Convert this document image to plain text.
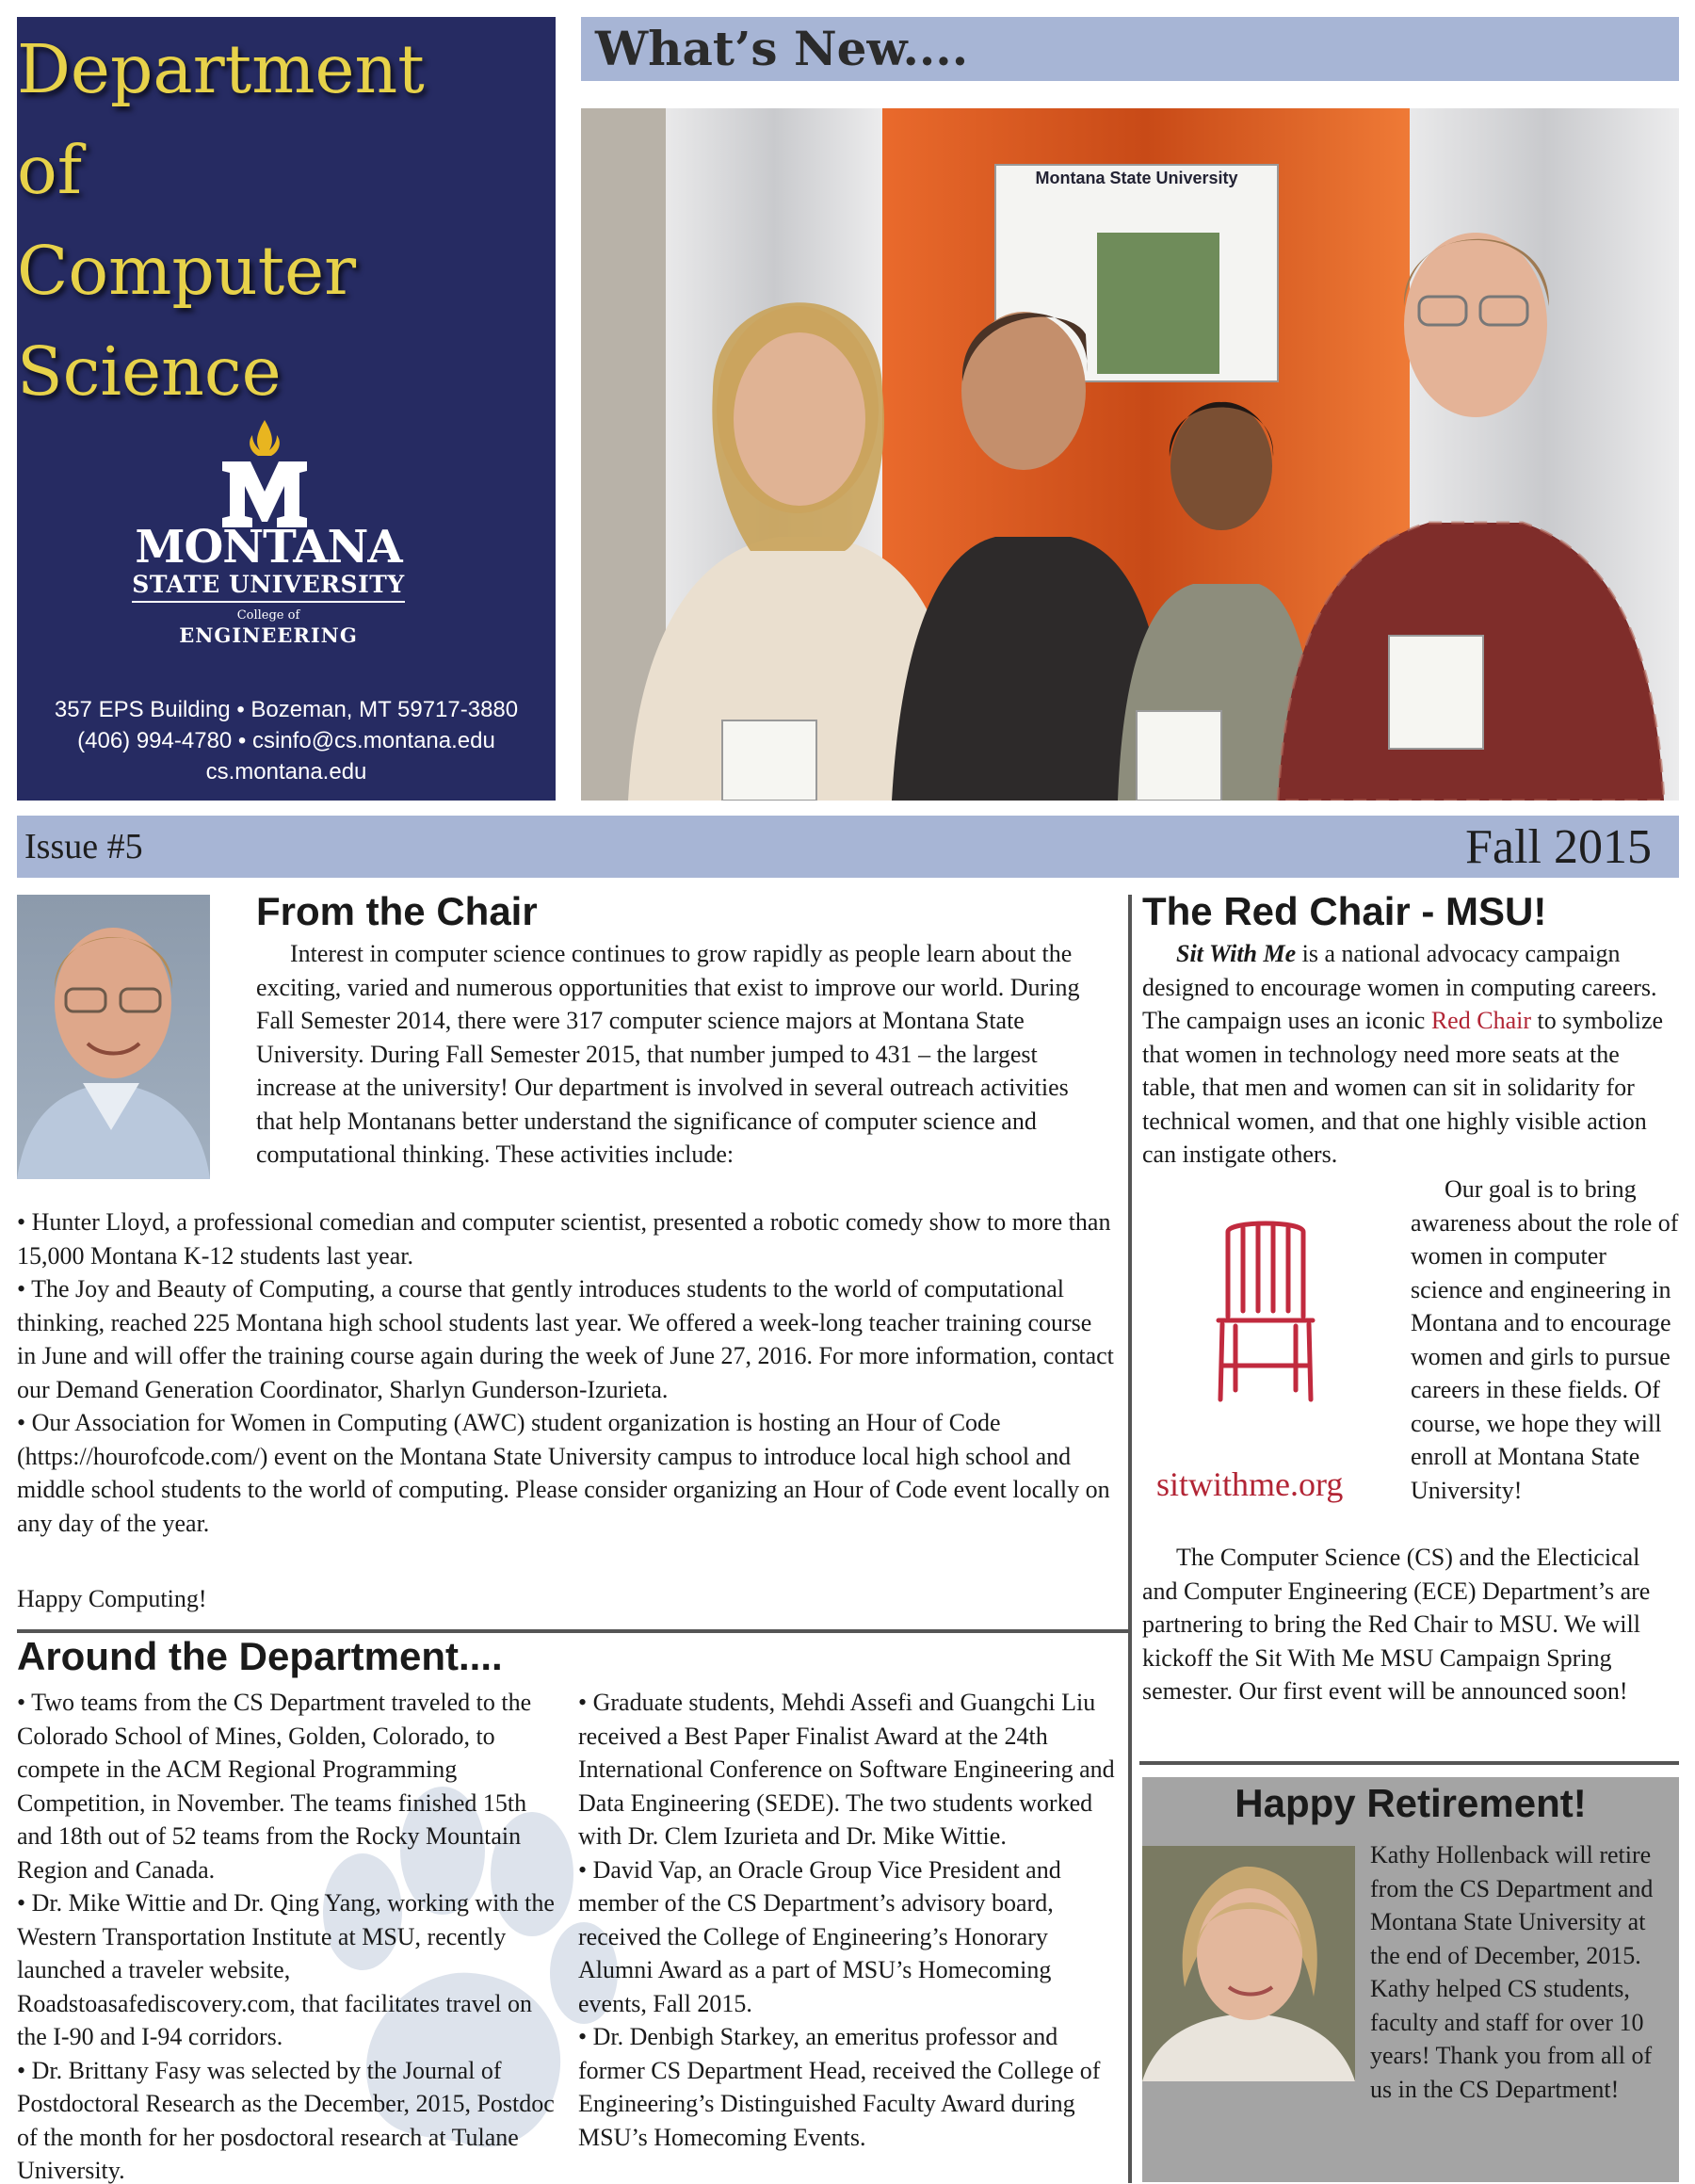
Department
of
Computer
Science
MONTANA
STATE UNIVERSITY
College of
ENGINEERING
357 EPS Building • Bozeman, MT 59717-3880
(406) 994-4780 • csinfo@cs.montana.edu
cs.montana.edu
What’s New....
Montana State University
Issue #5	Fall 2015
From the Chair
Interest in computer science continues to grow rapidly as people learn about the exciting, varied and numerous opportunities that exist to improve our world. During Fall Semester 2014, there were 317 computer science majors at Montana State University. During Fall Semester 2015, that number jumped to 431 – the largest increase at the university! Our department is involved in several outreach activities that help Montanans better understand the significance of computer science and computational thinking. These activities include:

• Hunter Lloyd, a professional comedian and computer scientist, presented a robotic comedy show to more than 15,000 Montana K-12 students last year.

• The Joy and Beauty of Computing, a course that gently introduces students to the world of computational thinking, reached 225 Montana high school students last year. We offered a week-long teacher training course in June and will offer the training course again during the week of June 27, 2016. For more information, contact our Demand Generation Coordinator, Sharlyn Gunderson-Izurieta.

• Our Association for Women in Computing (AWC) student organization is hosting an Hour of Code (https://hourofcode.com/) event on the Montana State University campus to introduce local high school and middle school students to the world of computing. Please consider organizing an Hour of Code event locally on any day of the year.

Happy Computing!
Around the Department....

• Two teams from the CS Department traveled to the Colorado School of Mines, Golden, Colorado, to compete in the ACM Regional Programming Competition, in November. The teams finished 15th and 18th out of 52 teams from the Rocky Mountain Region and Canada.

• Dr. Mike Wittie and Dr. Qing Yang, working with the Western Transportation Institute at MSU, recently launched a traveler website, Roadstoasafediscovery.com, that facilitates travel on the I-90 and I-94 corridors.

• Dr. Brittany Fasy was selected by the Journal of Postdoctoral Research as the December, 2015, Postdoc of the month for her posdoctoral research at Tulane University.

• Graduate students, Mehdi Assefi and Guangchi Liu received a Best Paper Finalist Award at the 24th International Conference on Software Engineering and Data Engineering (SEDE). The two students worked with Dr. Clem Izurieta and Dr. Mike Wittie.

• David Vap, an Oracle Group Vice President and member of the CS Department’s advisory board, received the College of Engineering’s Honorary Alumni Award as a part of MSU’s Homecoming events, Fall 2015.

• Dr. Denbigh Starkey, an emeritus professor and former CS Department Head, received the College of Engineering’s Distinguished Faculty Award during MSU’s Homecoming Events.

The Red Chair - MSU!
Sit With Me is a national advocacy campaign designed to encourage women in computing careers. The campaign uses an iconic Red Chair to symbolize that women in technology need more seats at the table, that men and women can sit in solidarity for technical women, and that one highly visible action can instigate others.
sitwithme.org
Our goal is to bring awareness about the role of women in computer science and engineering in Montana and to encourage women and girls to pursue careers in these fields. Of course, we hope they will enroll at Montana State University!
The Computer Science (CS) and the Electicical and Computer Engineering (ECE) Department’s are partnering to bring the Red Chair to MSU. We will kickoff the Sit With Me MSU Campaign Spring semester. Our first event will be announced soon!
Happy Retirement!
Kathy Hollenback will retire from the CS Department and Montana State University at the end of December, 2015. Kathy helped CS students, faculty and staff for over 10 years! Thank you from all of us in the CS Department!
